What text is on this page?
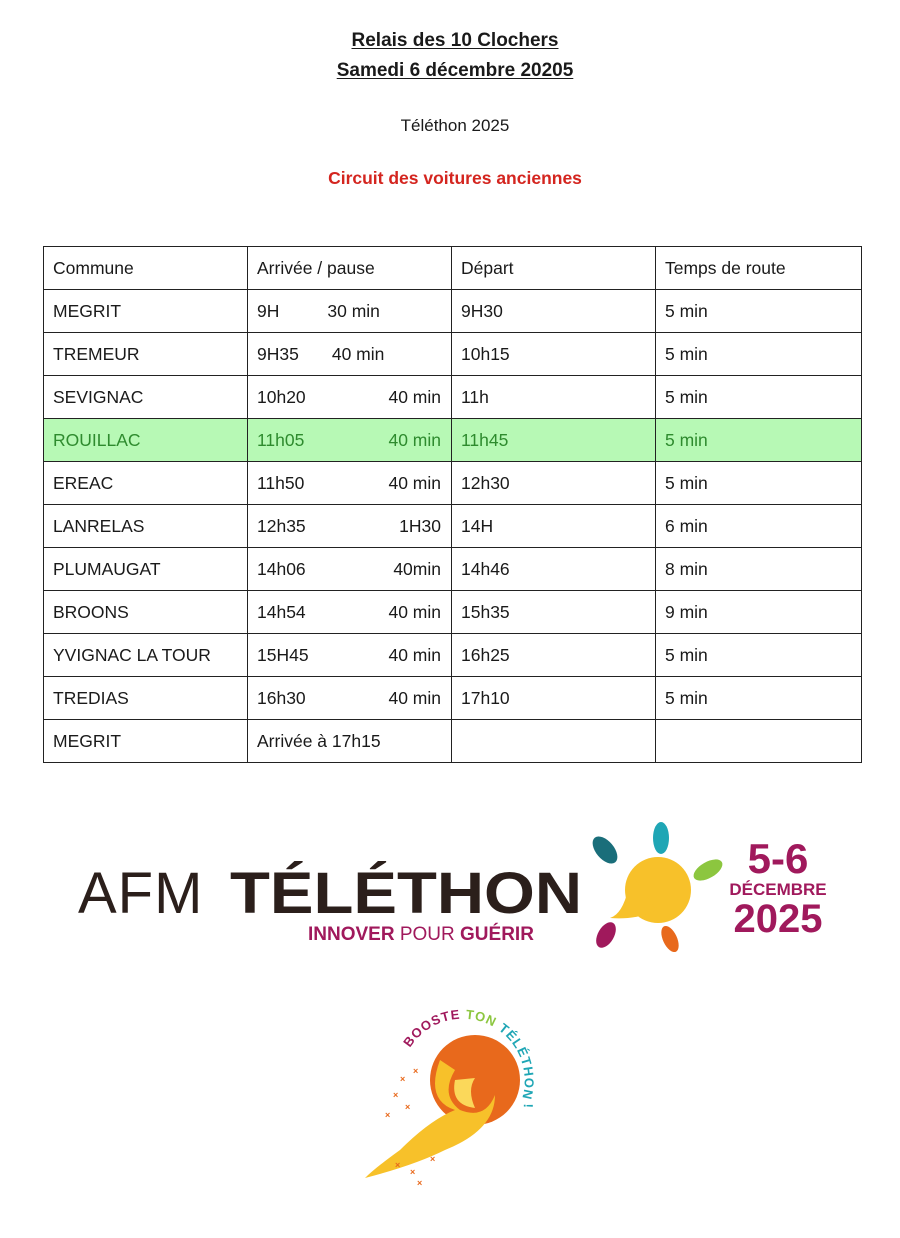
Relais des 10 Clochers
Samedi 6 décembre 20205
Téléthon 2025
Circuit des voitures anciennes
Commune	Arrivée / pause	Départ	Temps de route
MEGRIT	9H 30 min	9H30	5 min
TREMEUR	9H35 40 min	10h15	5 min
SEVIGNAC	10h20 40 min	11h	5 min
ROUILLAC	11h05 40 min	11h45	5 min
EREAC	11h50 40 min	12h30	5 min
LANRELAS	12h35 1H30	14H	6 min
PLUMAUGAT	14h06 40min	14h46	8 min
BROONS	14h54 40 min	15h35	9 min
YVIGNAC LA TOUR	15H45 40 min	16h25	5 min
TREDIAS	16h30 40 min	17h10	5 min
MEGRIT	Arrivée à 17h15		
AFM TÉLÉTHON
INNOVER POUR GUÉRIR
5-6
DÉCEMBRE
2025
BOOSTE TON TÉLÉTHON !
×
×
×
×
×
×
×
×
×
